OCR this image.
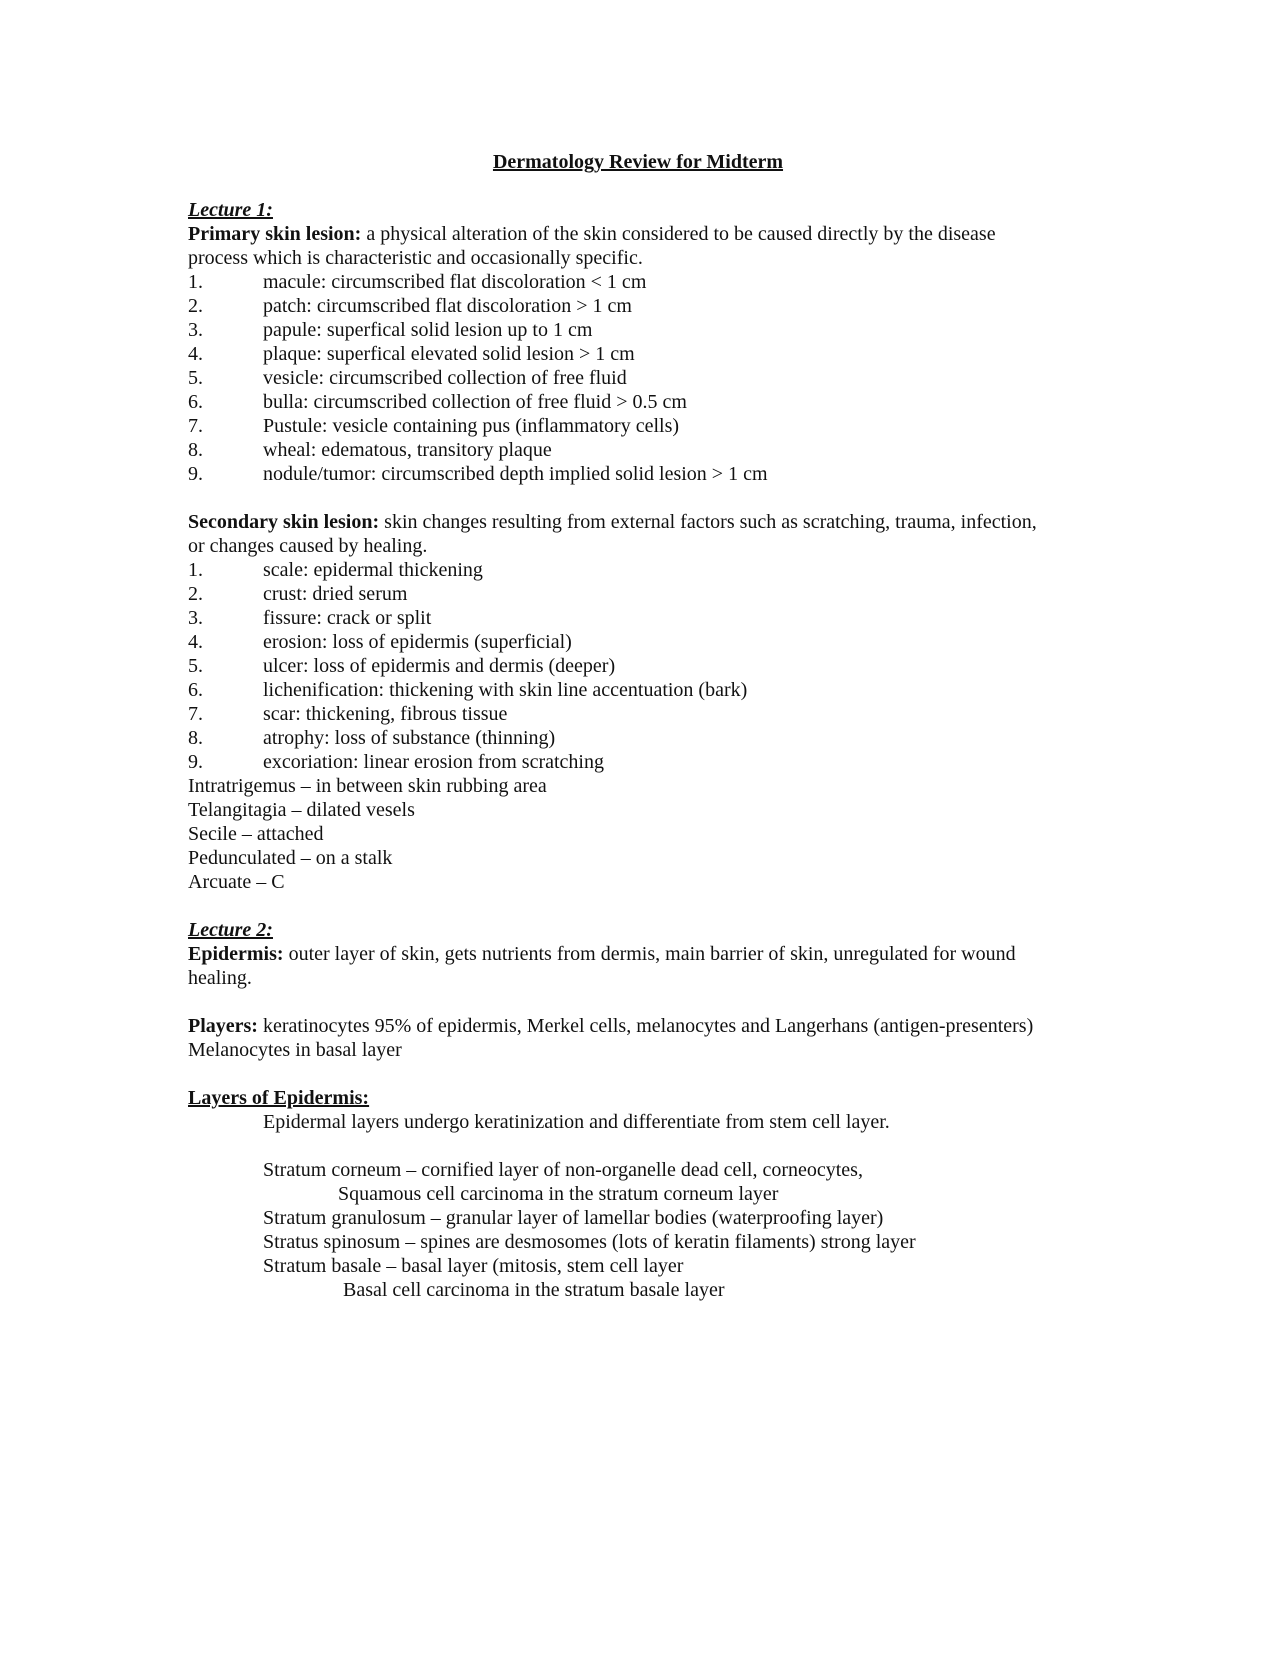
Dermatology Review for Midterm
Lecture 1:
Primary skin lesion: a physical alteration of the skin considered to be caused directly by the disease
process which is characteristic and occasionally specific.
1.	macule: circumscribed flat discoloration < 1 cm
2.	patch: circumscribed flat discoloration > 1 cm
3.	papule: superfical solid lesion up to 1 cm
4.	plaque: superfical elevated solid lesion > 1 cm
5.	vesicle: circumscribed collection of free fluid
6.	bulla: circumscribed collection of free fluid > 0.5 cm
7.	Pustule: vesicle containing pus (inflammatory cells)
8.	wheal: edematous, transitory plaque
9.	nodule/tumor: circumscribed depth implied solid lesion > 1 cm
Secondary skin lesion: skin changes resulting from external factors such as scratching, trauma, infection,
or changes caused by healing.
1.	scale: epidermal thickening
2.	crust: dried serum
3.	fissure: crack or split
4.	erosion: loss of epidermis (superficial)
5.	ulcer: loss of epidermis and dermis (deeper)
6.	lichenification: thickening with skin line accentuation (bark)
7.	scar: thickening, fibrous tissue
8.	atrophy: loss of substance (thinning)
9.	excoriation: linear erosion from scratching
Intratrigemus – in between skin rubbing area
Telangitagia – dilated vesels
Secile – attached
Pedunculated – on a stalk
Arcuate – C
Lecture 2:
Epidermis: outer layer of skin, gets nutrients from dermis, main barrier of skin, unregulated for wound
healing.
Players: keratinocytes 95% of epidermis, Merkel cells, melanocytes and Langerhans (antigen-presenters)
Melanocytes in basal layer
Layers of Epidermis:
Epidermal layers undergo keratinization and differentiate from stem cell layer.
Stratum corneum – cornified layer of non-organelle dead cell, corneocytes,
Squamous cell carcinoma in the stratum corneum layer
Stratum granulosum – granular layer of lamellar bodies (waterproofing layer)
Stratus spinosum – spines are desmosomes (lots of keratin filaments) strong layer
Stratum basale – basal layer (mitosis, stem cell layer
Basal cell carcinoma in the stratum basale layer
